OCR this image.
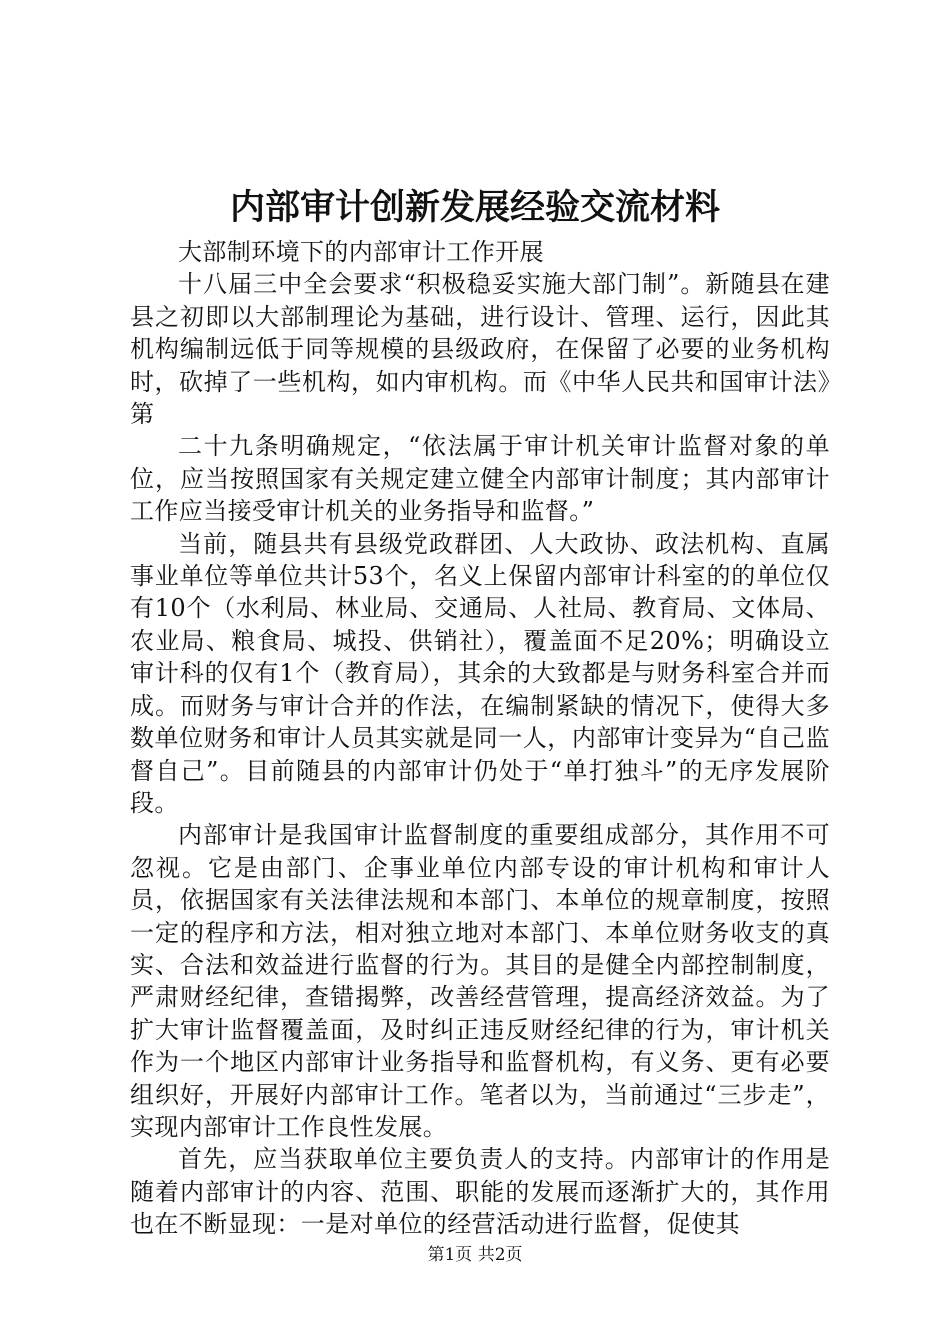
内部审计创新发展经验交流材料

大部制环境下的内部审计工作开展

十八届三中全会要求“积极稳妥实施大部门制”。新随县在建县之初即以大部制理论为基础，进行设计、管理、运行，因此其机构编制远低于同等规模的县级政府，在保留了必要的业务机构时，砍掉了一些机构，如内审机构。而《中华人民共和国审计法》第

二十九条明确规定，“依法属于审计机关审计监督对象的单位，应当按照国家有关规定建立健全内部审计制度；其内部审计工作应当接受审计机关的业务指导和监督。”

当前，随县共有县级党政群团、人大政协、政法机构、直属事业单位等单位共计53个，名义上保留内部审计科室的的单位仅有10个（水利局、林业局、交通局、人社局、教育局、文体局、农业局、粮食局、城投、供销社），覆盖面不足20%；明确设立审计科的仅有1个（教育局），其余的大致都是与财务科室合并而成。而财务与审计合并的作法，在编制紧缺的情况下，使得大多数单位财务和审计人员其实就是同一人，内部审计变异为“自己监督自己”。目前随县的内部审计仍处于“单打独斗”的无序发展阶段。

内部审计是我国审计监督制度的重要组成部分，其作用不可忽视。它是由部门、企事业单位内部专设的审计机构和审计人员，依据国家有关法律法规和本部门、本单位的规章制度，按照一定的程序和方法，相对独立地对本部门、本单位财务收支的真实、合法和效益进行监督的行为。其目的是健全内部控制制度，严肃财经纪律，查错揭弊，改善经营管理，提高经济效益。为了扩大审计监督覆盖面，及时纠正违反财经纪律的行为，审计机关作为一个地区内部审计业务指导和监督机构，有义务、更有必要组织好，开展好内部审计工作。笔者以为，当前通过“三步走”，实现内部审计工作良性发展。

首先，应当获取单位主要负责人的支持。内部审计的作用是随着内部审计的内容、范围、职能的发展而逐渐扩大的，其作用也在不断显现：一是对单位的经营活动进行监督，促使其

第1页 共2页
